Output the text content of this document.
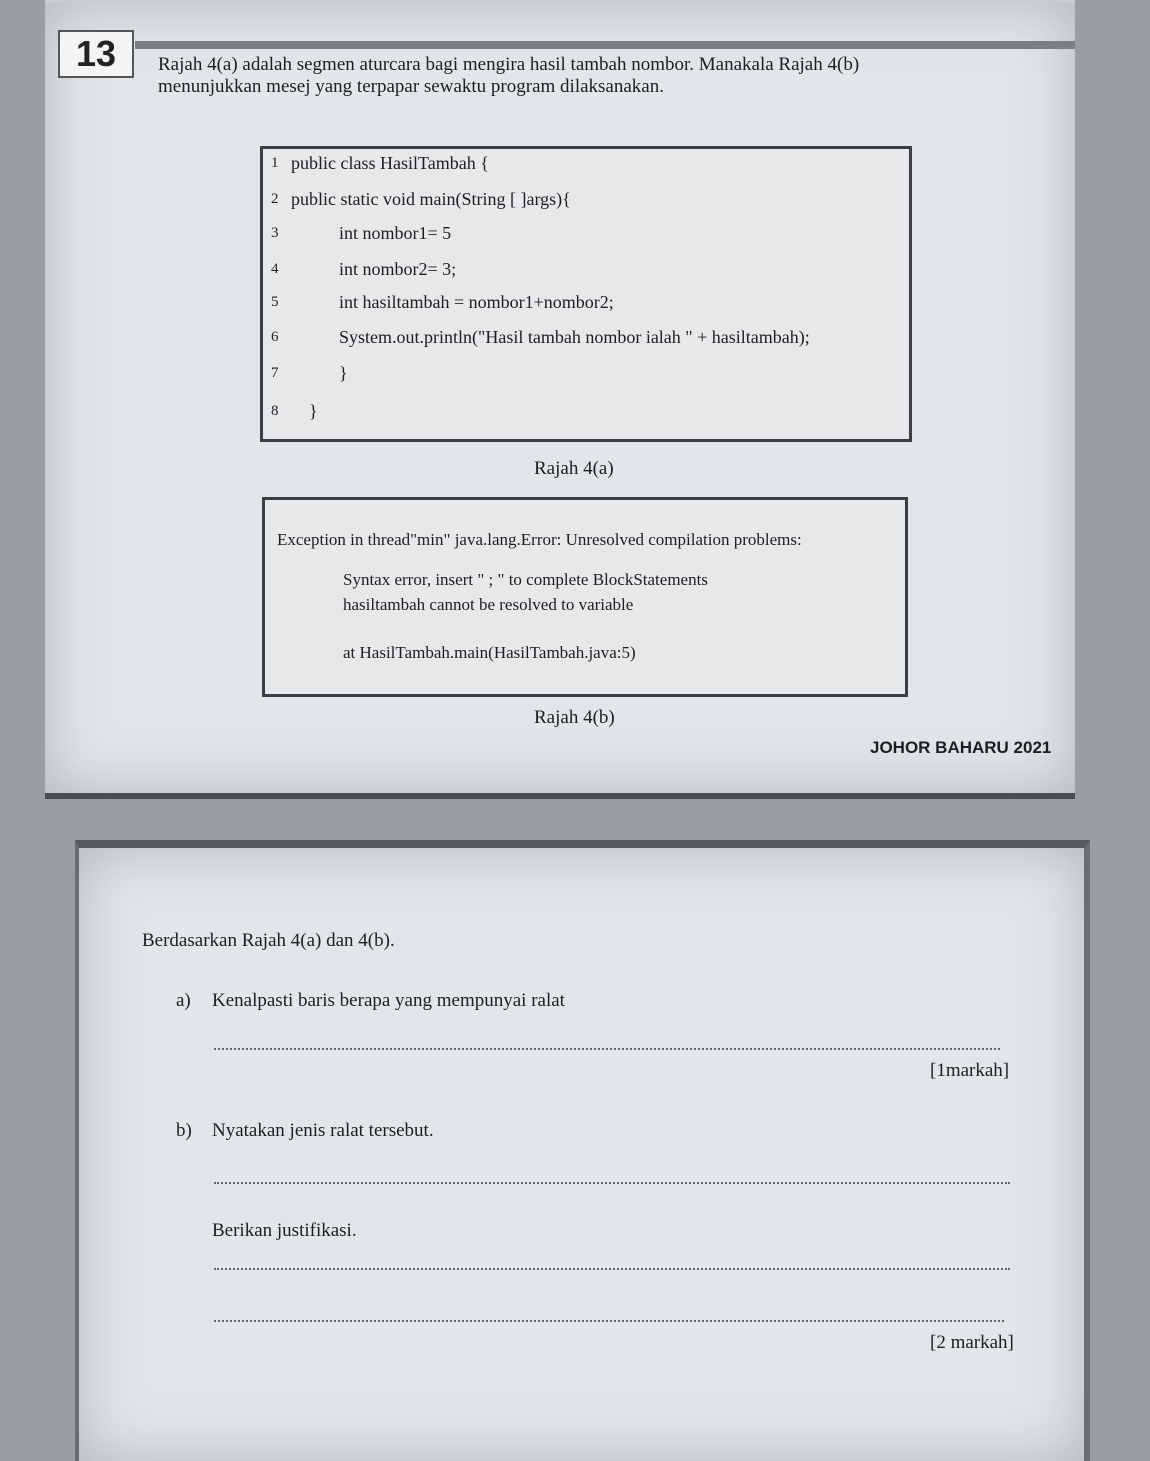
13	Rajah 4(a) adalah segmen aturcara bagi mengira hasil tambah nombor. Manakala Rajah 4(b)
menunjukkan mesej yang terpapar sewaktu program dilaksanakan.
1 public class HasilTambah {
2 public static void main(String [ ]args){
3	int nombor1= 5
4	int nombor2= 3;
5	int hasiltambah = nombor1+nombor2;
6	System.out.println("Hasil tambah nombor ialah " + hasiltambah);
7	}
8	}
Rajah 4(a)
Exception in thread"min" java.lang.Error: Unresolved compilation problems:
Syntax error, insert " ; " to complete BlockStatements
hasiltambah cannot be resolved to variable
at HasilTambah.main(HasilTambah.java:5)
Rajah 4(b)
JOHOR BAHARU 2021
Berdasarkan Rajah 4(a) dan 4(b).
a) Kenalpasti baris berapa yang mempunyai ralat
[1markah]
b) Nyatakan jenis ralat tersebut.
Berikan justifikasi.
[2 markah]
